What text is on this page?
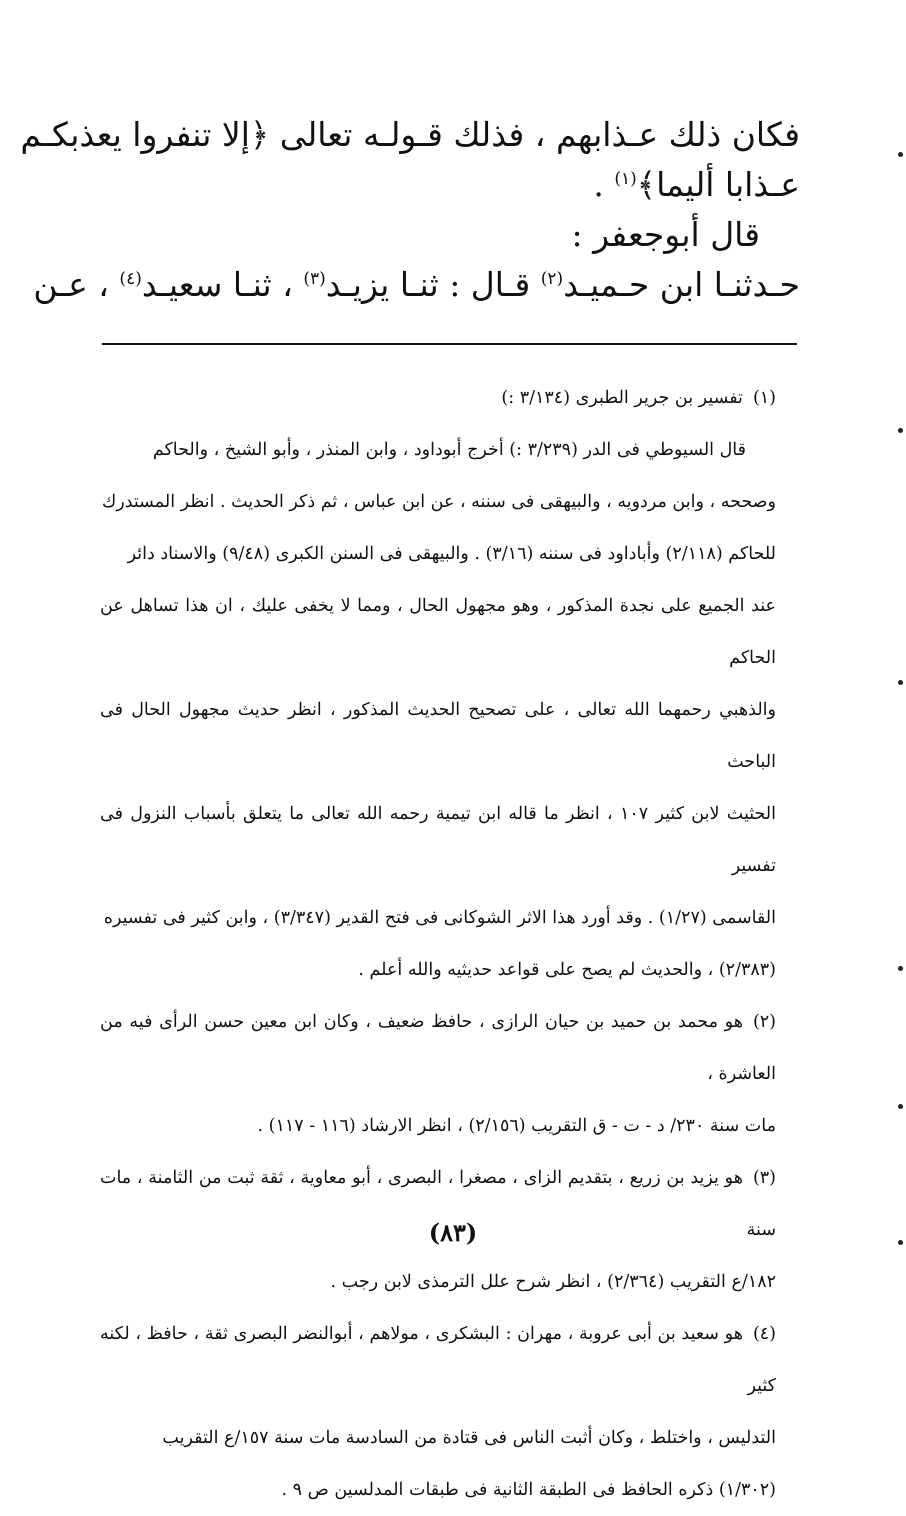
فكان ذلك عـذابهم ، فذلك قـولـه تعالى ﴿إلا تنفروا يعذبكـم

عـذابا أليما﴾$^{(١)}$ .

قال أبوجعفر :

حـدثنـا ابن حـميـد$^{(٢)}$ قـال : ثنـا يزيـد$^{(٣)}$ ، ثنـا سعيـد$^{(٤)}$ ، عـن

(١)تفسير بن جرير الطبرى (٣/١٣٤ :)
قال السيوطي فى الدر (٣/٢٣٩ :) أخرج أبوداود ، وابن المنذر ، وأبو الشيخ ، والحاكم
وصححه ، وابن مردويه ، والبيهقى فى سننه ، عن ابن عباس ، ثم ذكر الحديث . انظر المستدرك
للحاكم (٢/١١٨) وأباداود فى سننه (٣/١٦) . والبيهقى فى السنن الكبرى (٩/٤٨) والاسناد دائر
عند الجميع على نجدة المذكور ، وهو مجهول الحال ، ومما لا يخفى عليك ، ان هذا تساهل عن الحاكم
والذهبي رحمهما الله تعالى ، على تصحيح الحديث المذكور ، انظر حديث مجهول الحال فى الباحث
الحثيث لابن كثير ١٠٧ ، انظر ما قاله ابن تيمية رحمه الله تعالى ما يتعلق بأسباب النزول فى تفسير
القاسمى (١/٢٧) . وقد أورد هذا الاثر الشوكانى فى فتح القدير (٣/٣٤٧) ، وابن كثير فى تفسيره
(٢/٣٨٣) ، والحديث لم يصح على قواعد حديثيه والله أعلم .
(٢)هو محمد بن حميد بن حيان الرازى ، حافظ ضعيف ، وكان ابن معين حسن الرأى فيه من العاشرة ،
مات سنة ٢٣٠/ د - ت - ق التقريب (٢/١٥٦) ، انظر الارشاد (١١٦ - ١١٧) .
(٣)هو يزيد بن زريع ، بتقديم الزاى ، مصغرا ، البصرى ، أبو معاوية ، ثقة ثبت من الثامنة ، مات سنة
١٨٢/ع التقريب (٢/٣٦٤) ، انظر شرح علل الترمذى لابن رجب .
(٤)هو سعيد بن أبى عروبة ، مهران : البشكرى ، مولاهم ، أبوالنضر البصرى ثقة ، حافظ ، لكنه كثير
التدليس ، واختلط ، وكان أثبت الناس فى قتادة من السادسة مات سنة ١٥٧/ع التقريب
(١/٣٠٢) ذكره الحافظ فى الطبقة الثانية فى طبقات المدلسين ص ٩ .
(٨٣)
